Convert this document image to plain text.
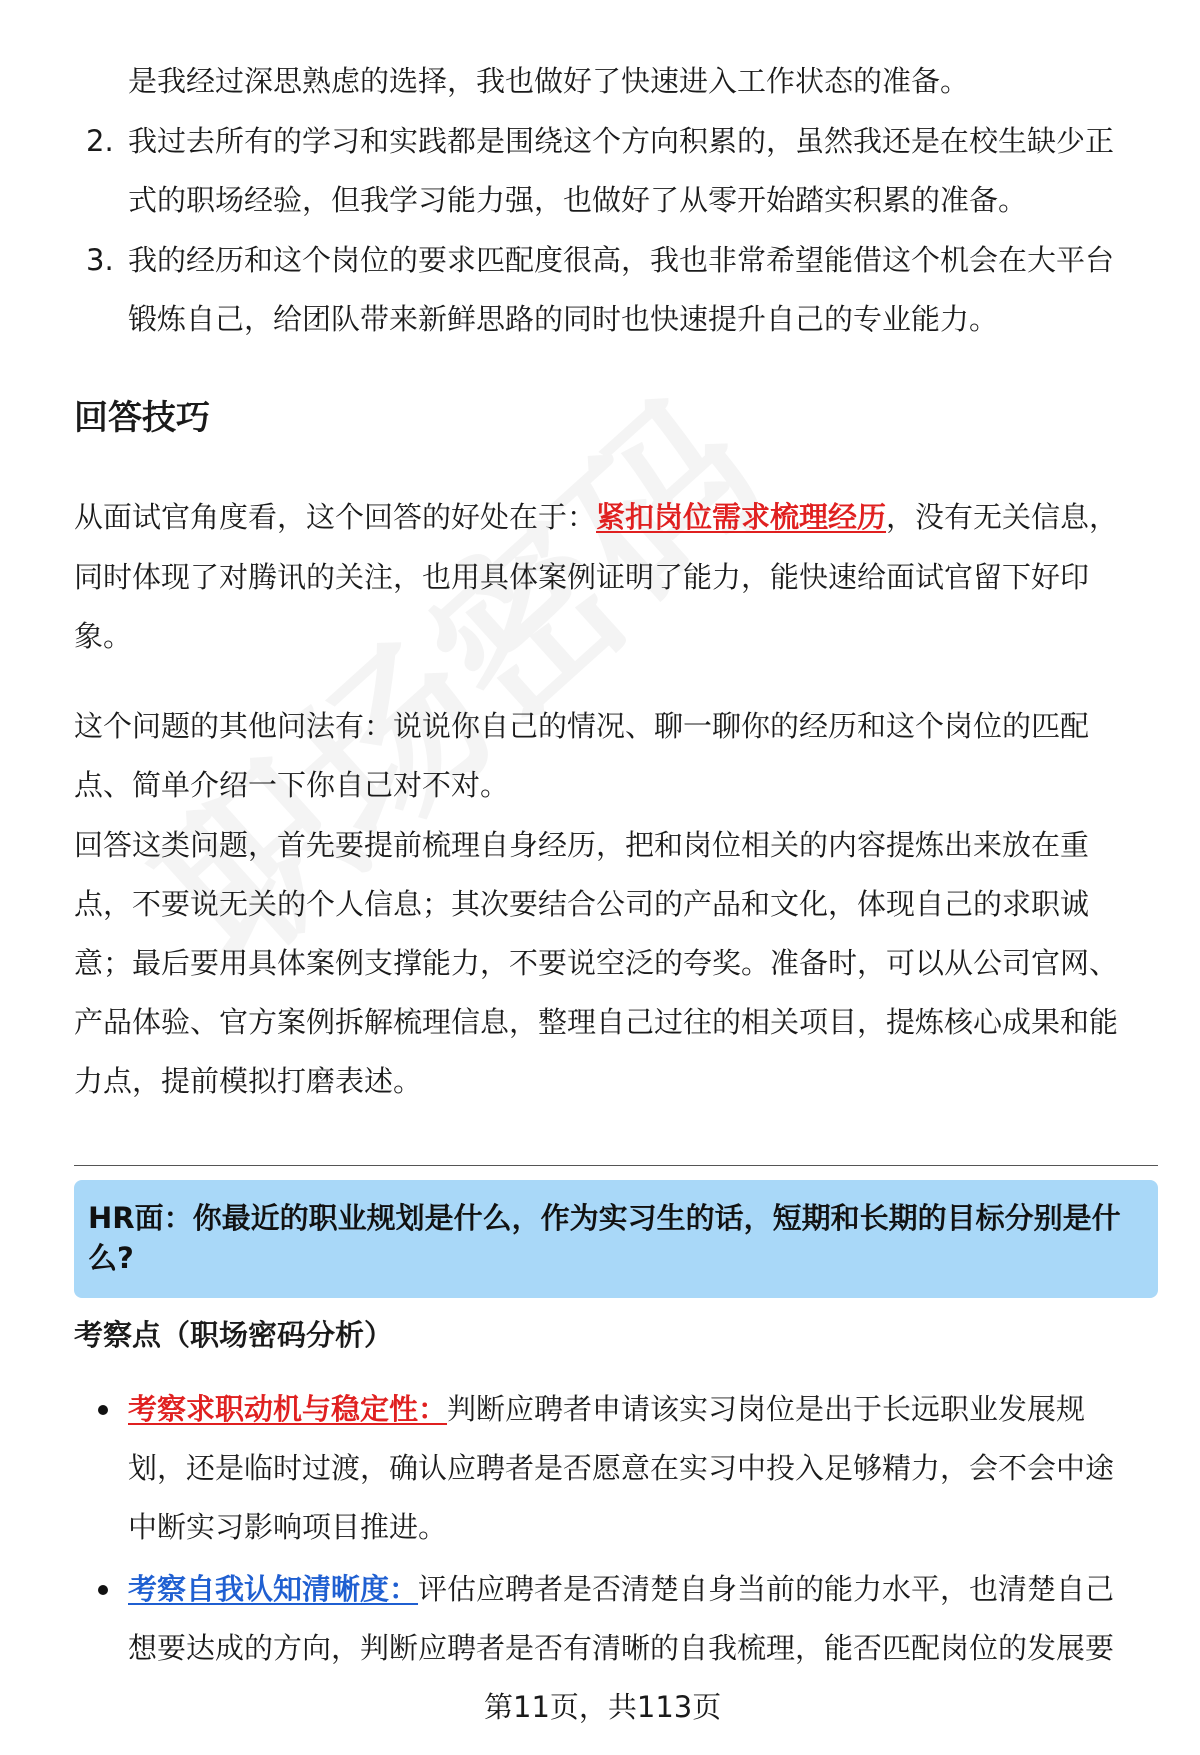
是我经过深思熟虑的选择，我也做好了快速进入工作状态的准备。
2. 我过去所有的学习和实践都是围绕这个方向积累的，虽然我还是在校生缺少正
式的职场经验，但我学习能力强，也做好了从零开始踏实积累的准备。
3. 我的经历和这个岗位的要求匹配度很高，我也非常希望能借这个机会在大平台
锻炼自己，给团队带来新鲜思路的同时也快速提升自己的专业能力。
回答技巧
从面试官角度看，这个回答的好处在于：紧扣岗位需求梳理经历，没有无关信息，
同时体现了对腾讯的关注，也用具体案例证明了能力，能快速给面试官留下好印
象。
这个问题的其他问法有：说说你自己的情况、聊一聊你的经历和这个岗位的匹配
点、简单介绍一下你自己对不对。
回答这类问题，首先要提前梳理自身经历，把和岗位相关的内容提炼出来放在重
点，不要说无关的个人信息；其次要结合公司的产品和文化，体现自己的求职诚
意；最后要用具体案例支撑能力，不要说空泛的夸奖。准备时，可以从公司官网、
产品体验、官方案例拆解梳理信息，整理自己过往的相关项目，提炼核心成果和能
力点，提前模拟打磨表述。
HR面：你最近的职业规划是什么，作为实习生的话，短期和长期的目标分别是什么?
考察点（职场密码分析）
考察求职动机与稳定性：判断应聘者申请该实习岗位是出于长远职业发展规
划，还是临时过渡，确认应聘者是否愿意在实习中投入足够精力，会不会中途
中断实习影响项目推进。
考察自我认知清晰度：评估应聘者是否清楚自身当前的能力水平，也清楚自己
想要达成的方向，判断应聘者是否有清晰的自我梳理，能否匹配岗位的发展要
第11页，共113页
